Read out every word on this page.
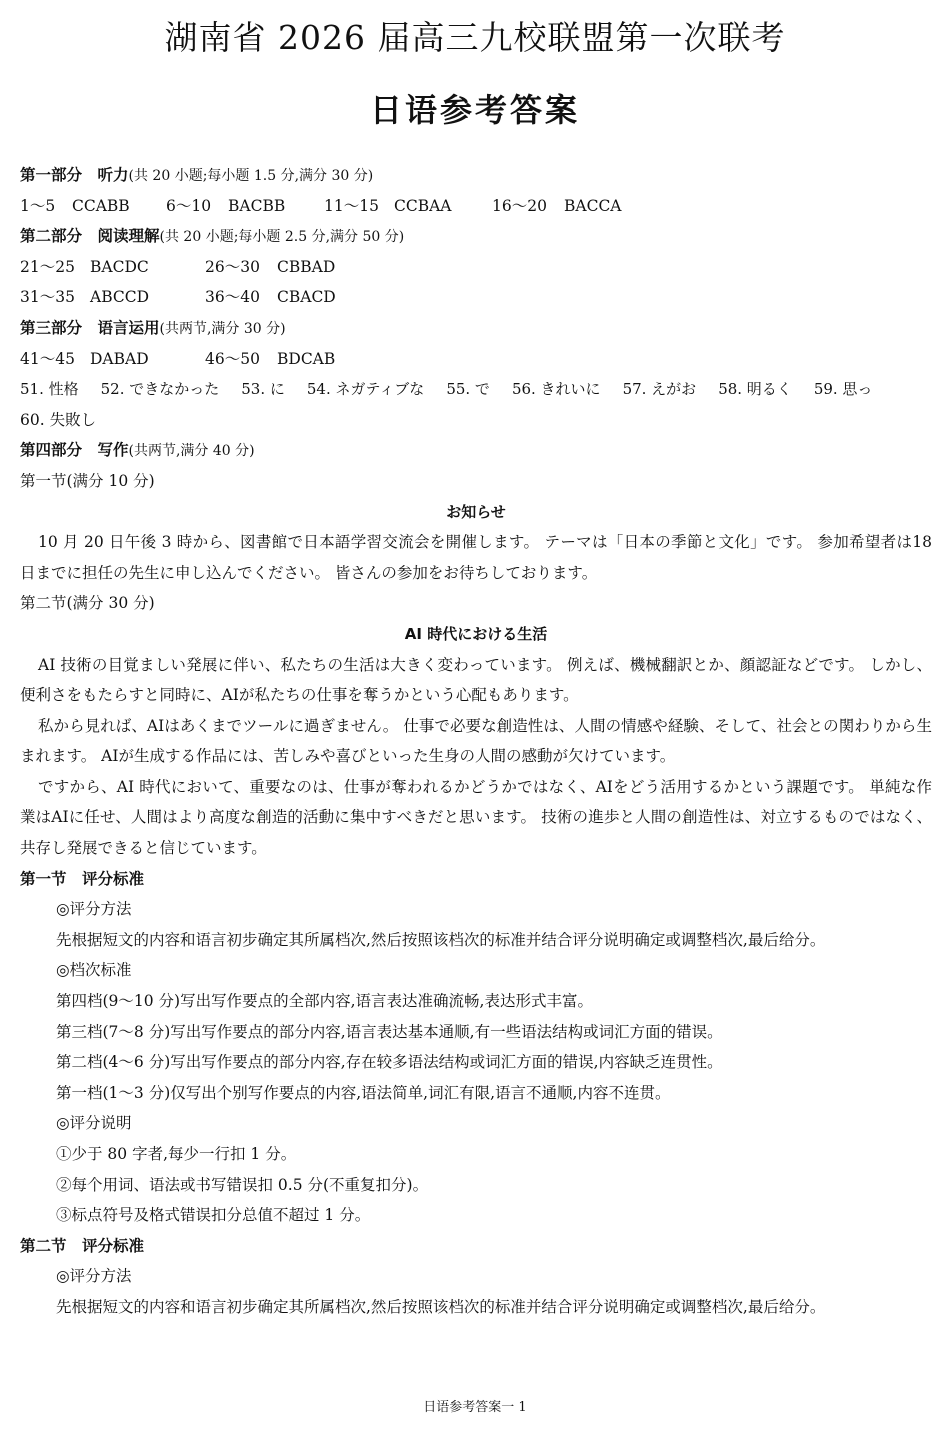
湖南省 2026 届高三九校联盟第一次联考
日语参考答案
第一部分　听力(共 20 小题;每小题 1.5 分,满分 30 分)
1～5 CCABB 6～10 BACBB	11～15 CCBAA	16～20 BACCA
第二部分　阅读理解(共 20 小题;每小题 2.5 分,满分 50 分)
21～25 BACDC	26～30 CBBAD
31～35 ABCCD	36～40 CBACD
第三部分　语言运用(共两节,满分 30 分)
41～45 DABAD	46～50 BDCAB
51. 性格 52. できなかった 53. に 54. ネガティブな 55. で 56. きれいに 57. えがお 58. 明るく 59. 思っ
60. 失敗し
第四部分　写作(共两节,满分 40 分)
第一节(满分 10 分)
お知らせ
10 月 20 日午後 3 時から、図書館で日本語学習交流会を開催します。 テーマは「日本の季節と文化」です。 参加希望者は18 日までに担任の先生に申し込んでください。 皆さんの参加をお待ちしております。
第二节(满分 30 分)
AI 時代における生活
AI 技術の目覚ましい発展に伴い、私たちの生活は大きく変わっています。 例えば、機械翻訳とか、顔認証などです。 しかし、便利さをもたらすと同時に、AIが私たちの仕事を奪うかという心配もあります。
私から見れば、AIはあくまでツールに過ぎません。 仕事で必要な創造性は、人間の情感や経験、そして、社会との関わりから生まれます。 AIが生成する作品には、苦しみや喜びといった生身の人間の感動が欠けています。
ですから、AI 時代において、重要なのは、仕事が奪われるかどうかではなく、AIをどう活用するかという課題です。 単純な作業はAIに任せ、人間はより高度な創造的活動に集中すべきだと思います。 技術の進歩と人間の創造性は、対立するものではなく、共存し発展できると信じています。
第一节　评分标准
◎评分方法
先根据短文的内容和语言初步确定其所属档次,然后按照该档次的标准并结合评分说明确定或调整档次,最后给分。
◎档次标准
第四档(9～10 分)写出写作要点的全部内容,语言表达准确流畅,表达形式丰富。
第三档(7～8 分)写出写作要点的部分内容,语言表达基本通顺,有一些语法结构或词汇方面的错误。
第二档(4～6 分)写出写作要点的部分内容,存在较多语法结构或词汇方面的错误,内容缺乏连贯性。
第一档(1～3 分)仅写出个别写作要点的内容,语法简单,词汇有限,语言不通顺,内容不连贯。
◎评分说明
①少于 80 字者,每少一行扣 1 分。
②每个用词、语法或书写错误扣 0.5 分(不重复扣分)。
③标点符号及格式错误扣分总值不超过 1 分。
第二节　评分标准
◎评分方法
先根据短文的内容和语言初步确定其所属档次,然后按照该档次的标准并结合评分说明确定或调整档次,最后给分。
日语参考答案一 1
